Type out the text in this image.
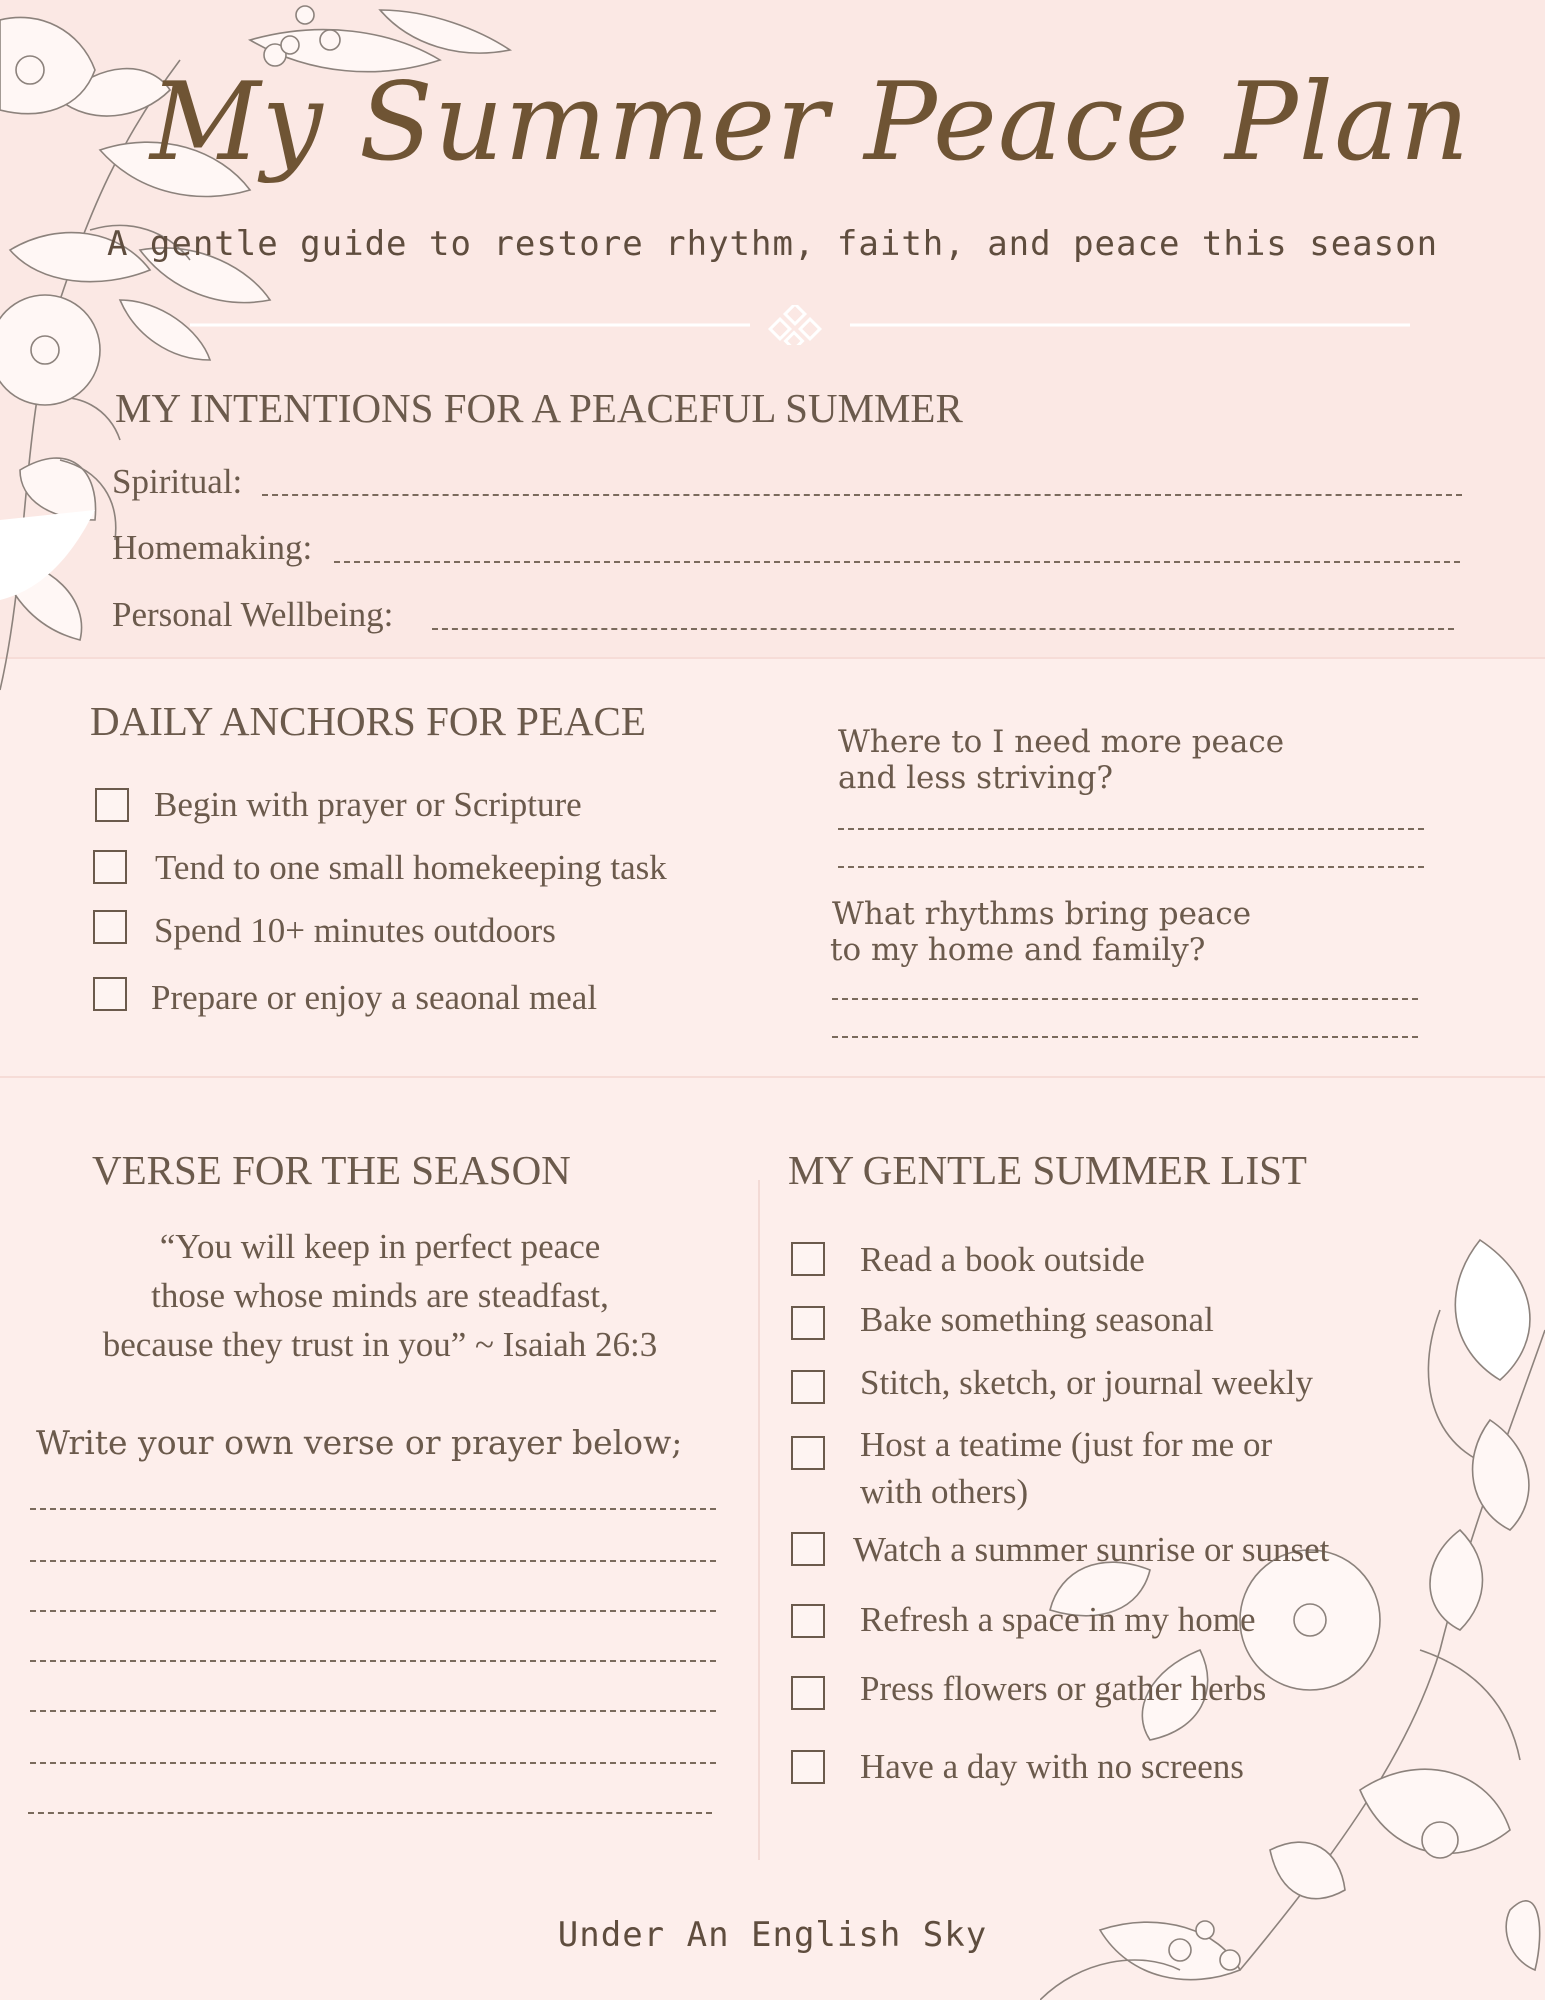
My Summer Peace Plan
A gentle guide to restore rhythm, faith, and peace this season
MY INTENTIONS FOR A PEACEFUL SUMMER
Spiritual:
Homemaking:
Personal Wellbeing:
DAILY ANCHORS FOR PEACE
Begin with prayer or Scripture
Tend to one small homekeeping task
Spend 10+ minutes outdoors
Prepare or enjoy a seaonal meal
Where to I need more peace
and less striving?
What rhythms bring peace
to my home and family?
VERSE FOR THE SEASON
“You will keep in perfect peace
those whose minds are steadfast,
because they trust in you” ~ Isaiah 26:3
Write your own verse or prayer below;
MY GENTLE SUMMER LIST
Read a book outside
Bake something seasonal
Stitch, sketch, or journal weekly
Host a teatime (just for me or
with others)
Watch a summer sunrise or sunset
Refresh a space in my home
Press flowers or gather herbs
Have a day with no screens
Under An English Sky
